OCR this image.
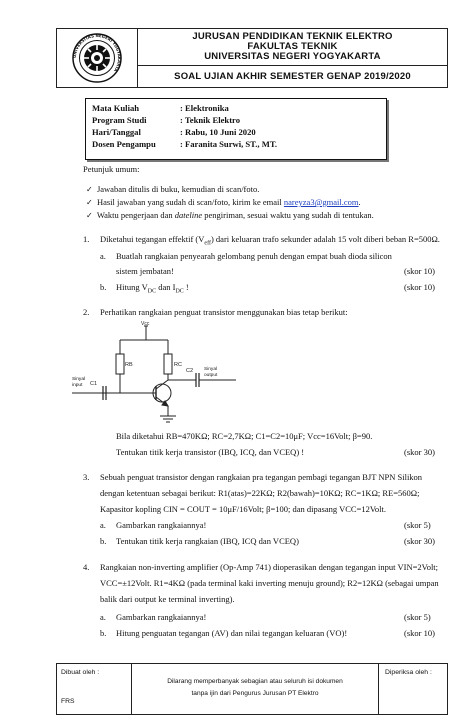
UNIVERSITAS NEGERI YOGYAKARTA
JURUSAN PENDIDIKAN TEKNIK ELEKTRO
FAKULTAS TEKNIK
UNIVERSITAS NEGERI YOGYAKARTA
SOAL UJIAN AKHIR SEMESTER GENAP 2019/2020
Mata Kuliah	: Elektronika
Program Studi	: Teknik Elektro
Hari/Tanggal	: Rabu, 10 Juni 2020
Dosen Pengampu	: Faranita Surwi, ST., MT.
Petunjuk umum:
✓ Jawaban ditulis di buku, kemudian di scan/foto.
✓ Hasil jawaban yang sudah di scan/foto, kirim ke email nareyza3@gmail.com.
✓ Waktu pengerjaan dan dateline pengiriman, sesuai waktu yang sudah di tentukan.
1. Diketahui tegangan effektif $(V_{eff})$ dari keluaran trafo sekunder adalah 15 volt diberi beban R=500Ω.
a. Buatlah rangkaian penyearah gelombang penuh dengan empat buah dioda silicon
sistem jembatan!	(skor 10)
b. Hitung $V_{DC}$ dan $I_{DC}$ !	(skor 10)
2. Perhatikan rangkaian penguat transistor menggunakan bias tetap berikut:
Vcc
RB	RC
C1
C2 Sinyal
output
Sinyal
input
Bila diketahui RB=470KΩ; RC=2,7KΩ; C1=C2=10μF; Vcc=16Volt; β=90.
Tentukan titik kerja transistor (IBQ, ICQ, dan VCEQ) !	(skor 30)
3. Sebuah penguat transistor dengan rangkaian pra tegangan pembagi tegangan BJT NPN Silikon
dengan ketentuan sebagai berikut: R1(atas)=22KΩ; R2(bawah)=10KΩ; RC=1KΩ; RE=560Ω;
Kapasitor kopling CIN = COUT = 10μF/16Volt; β=100; dan dipasang VCC=12Volt.
a. Gambarkan rangkaiannya!	(skor 5)
b. Tentukan titik kerja rangkaian (IBQ, ICQ dan VCEQ)	(skor 30)
4. Rangkaian non-inverting amplifier (Op-Amp 741) dioperasikan dengan tegangan input VIN=2Volt;
VCC=±12Volt. R1=4KΩ (pada terminal kaki inverting menuju ground); R2=12KΩ (sebagai umpan
balik dari output ke terminal inverting).
a. Gambarkan rangkaiannya!	(skor 5)
b. Hitung penguatan tegangan (AV) dan nilai tegangan keluaran (VO)!	(skor 10)
Dibuat oleh :
FRS
Dilarang memperbanyak sebagian atau seluruh isi dokumen
tanpa ijin dari Pengurus Jurusan PT Elektro
Diperiksa oleh :
